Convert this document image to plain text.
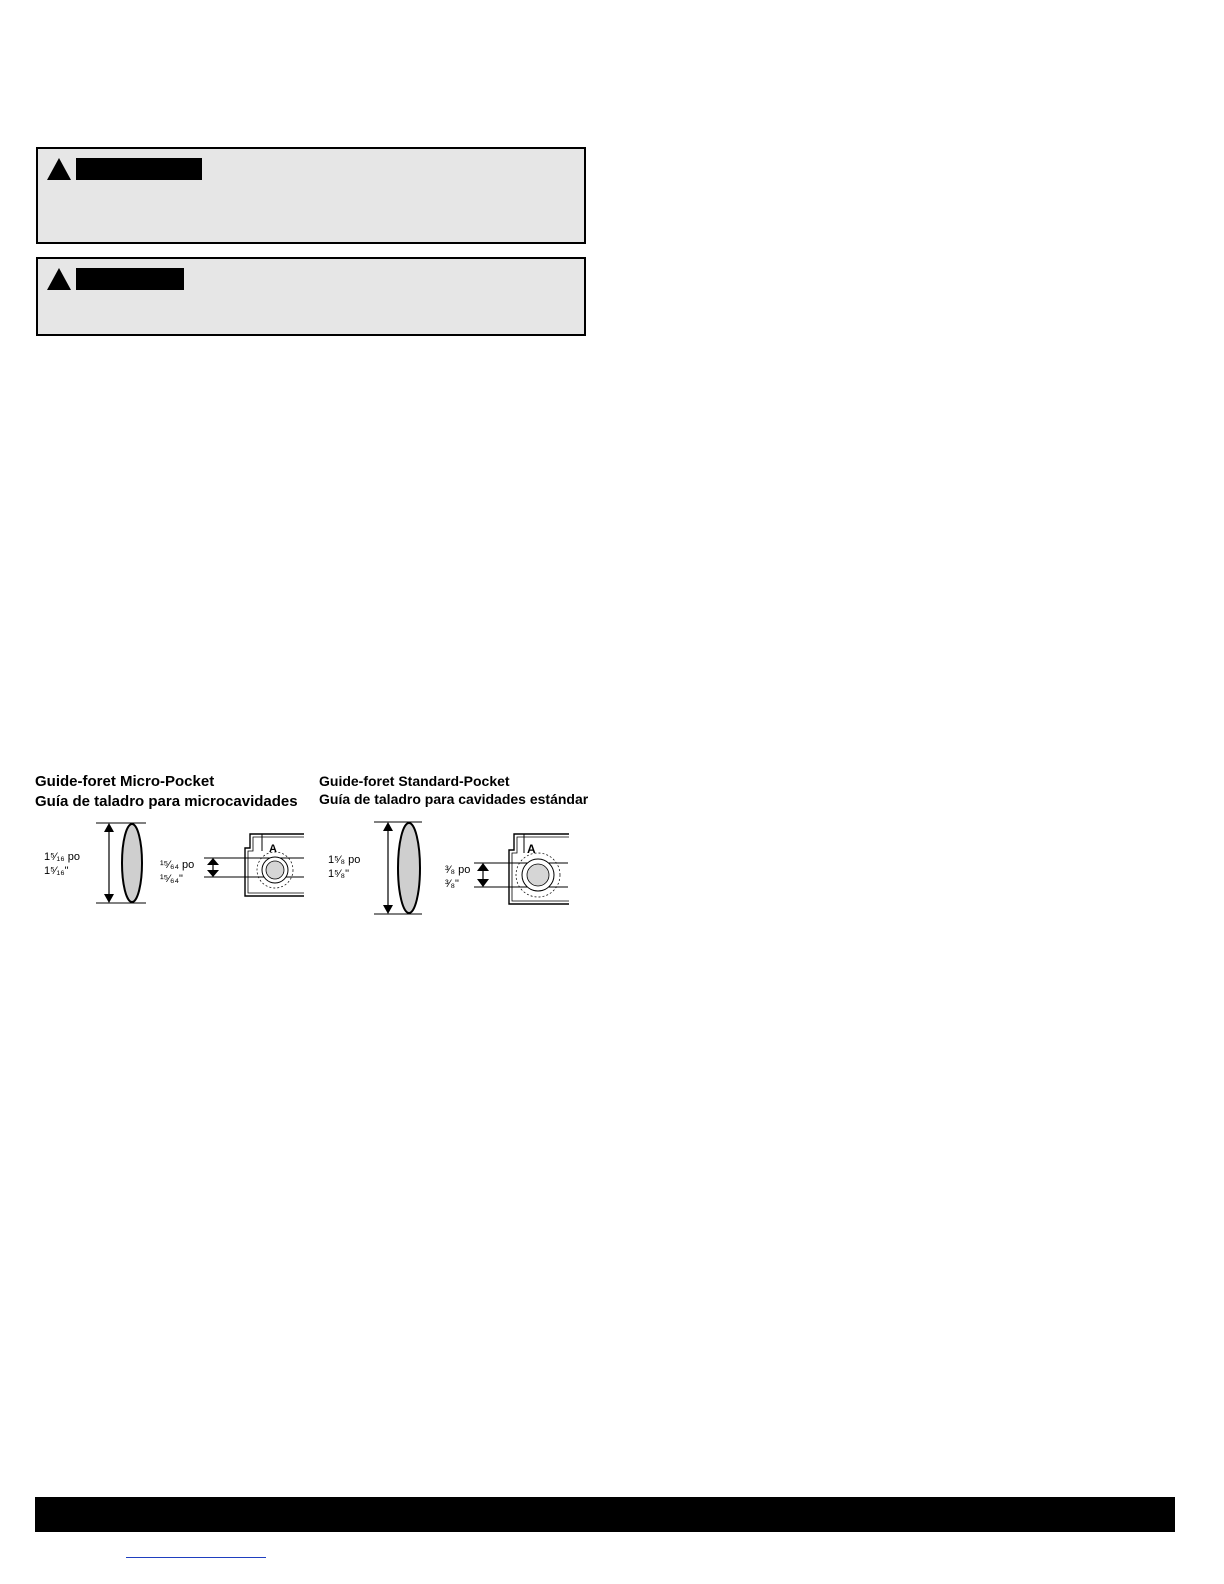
Guide-foret Micro-Pocket
Guía de taladro para microcavidades
1⁵⁄₁₆ po
1⁵⁄₁₆"	¹⁵⁄₆₄ po
¹⁵⁄₆₄"
A
Guide-foret Standard-Pocket
Guía de taladro para cavidades estándar
1⁵⁄₈ po
1⁵⁄₈"	³⁄₈ po
³⁄₈"
A
